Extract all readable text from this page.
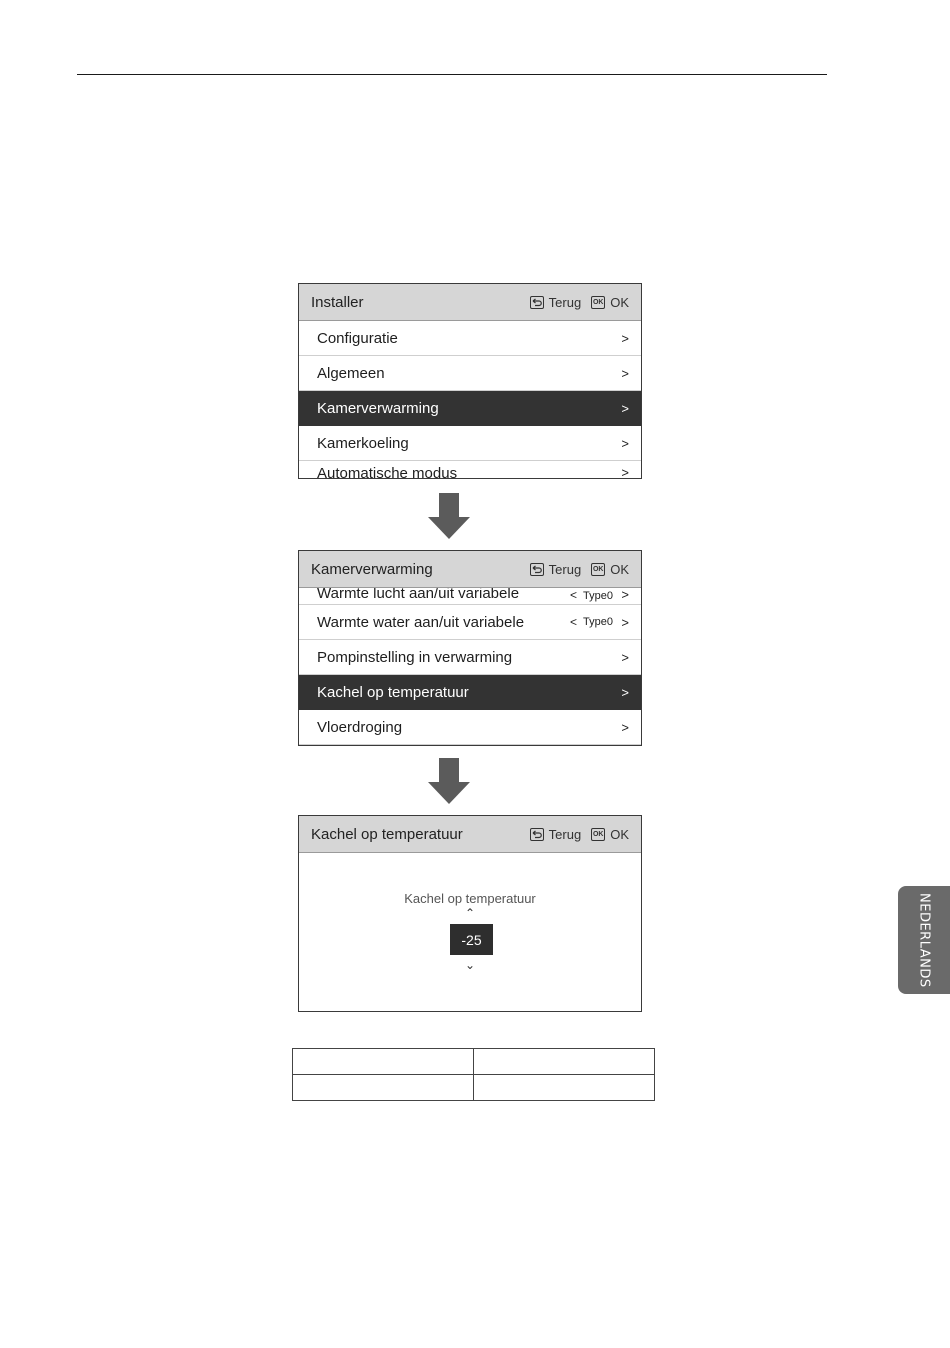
Installer	Terug OK OK
Configuratie	>
Algemeen	>
Kamerverwarming	>
Kamerkoeling	>
Automatische modus	>
Kamerverwarming	Terug OK OK
Warmte lucht aan/uit variabele	< Type0 >
Warmte water aan/uit variabele	< Type0 >
Pompinstelling in verwarming	>
Kachel op temperatuur	>
Vloerdroging	>
Kachel op temperatuur	Terug OK OK
Kachel op temperatuur
⌃
-25
⌄

		NEDERLANDS
